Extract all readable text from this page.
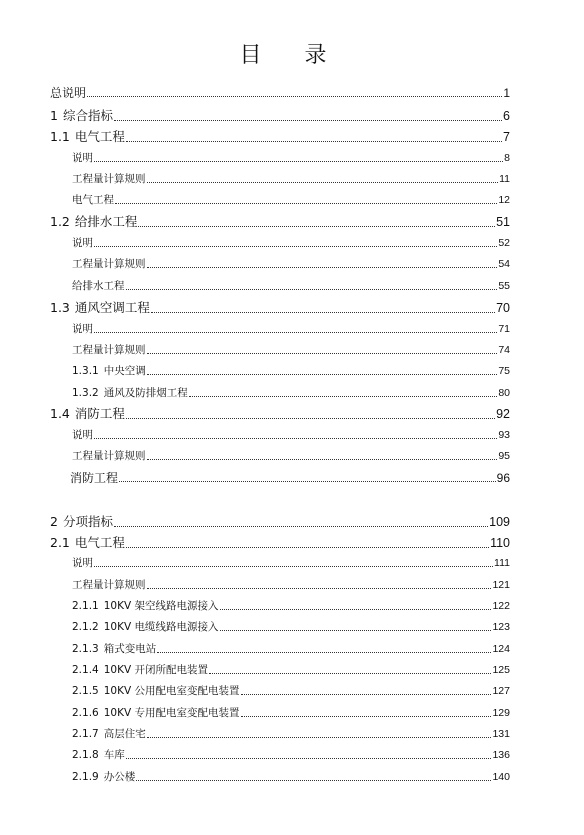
目 录
总说明	1
1 综合指标	6
1.1 电气工程	7
说明	8
工程量计算规则	11
电气工程	12
1.2 给排水工程	51
说明	52
工程量计算规则	54
给排水工程	55
1.3 通风空调工程	70
说明	71
工程量计算规则	74
1.3.1 中央空调	75
1.3.2 通风及防排烟工程	80
1.4 消防工程	92
说明	93
工程量计算规则	95
消防工程	96
2 分项指标	109
2.1 电气工程	110
说明	111
工程量计算规则	121
2.1.1 10KV 架空线路电源接入	122
2.1.2 10KV 电缆线路电源接入	123
2.1.3 箱式变电站	124
2.1.4 10KV 开闭所配电装置	125
2.1.5 10KV 公用配电室变配电装置	127
2.1.6 10KV 专用配电室变配电装置	129
2.1.7 高层住宅	131
2.1.8 车库	136
2.1.9 办公楼	140
